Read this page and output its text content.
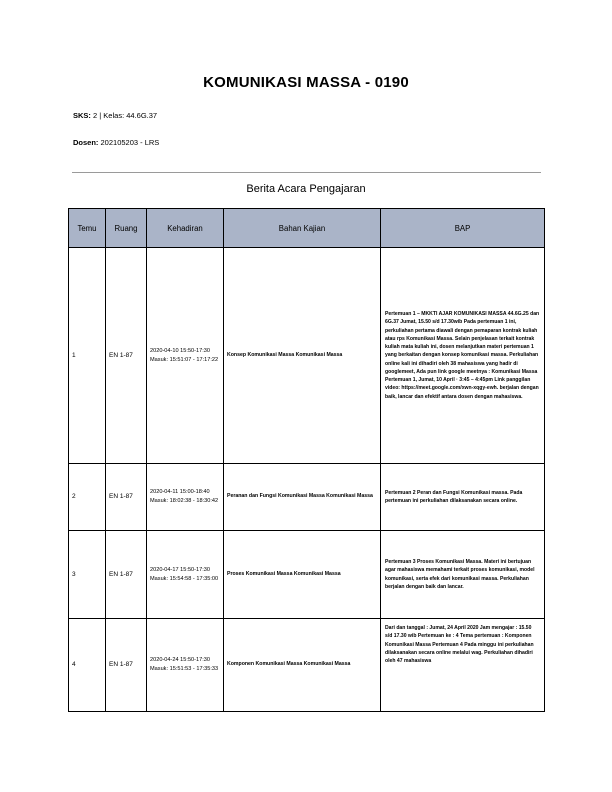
KOMUNIKASI MASSA - 0190
SKS: 2 | Kelas: 44.6G.37
Dosen: 202105203 - LRS
Berita Acara Pengajaran
Temu	Ruang	Kehadiran	Bahan Kajian	BAP
1	EN 1-87	2020-04-10 15:50-17:30 Masuk: 15:51:07 - 17:17:22	Konsep Komunikasi Massa Komunikasi Massa	Pertemuan 1 – MKKTI AJAR KOMUNIKASI MASSA 44.6G.25 dan 6G.37 Jumat, 15.50 s/d 17.30wib Pada pertemuan 1 ini, perkuliahan pertama diawali dengan pemaparan kontrak kuliah atau rps Komunikasi Massa. Selain penjelasan terkait kontrak kuliah mata kuliah ini, dosen melanjutkan materi pertemuan 1 yang berkaitan dengan konsep komunikasi massa. Perkuliahan online kali ini dihadiri oleh 38 mahasiswa yang hadir di googlemeet, Ada pun link google meetnya : Komunikasi Massa Pertemuan 1, Jumat, 10 April · 3:45 – 4:45pm Link panggilan video: https://meet.google.com/xwn-xqgy-ewh. berjalan dengan baik, lancar dan efektif antara dosen dengan mahasiswa.
2	EN 1-87	2020-04-11 15:00-18:40 Masuk: 18:02:38 - 18:30:42	Peranan dan Fungsi Komunikasi Massa Komunikasi Massa	Pertemuan 2 Peran dan Fungsi Komunikasi massa. Pada pertemuan ini perkuliahan dilaksanakan secara online.
3	EN 1-87	2020-04-17 15:50-17:30 Masuk: 15:54:58 - 17:35:00	Proses Komunikasi Massa Komunikasi Massa	Pertemuan 3 Proses Komunikasi Massa. Materi ini bertujuan agar mahasiswa memahami terkait proses komunikasi, model komunikasi, serta efek dari komunikasi massa. Perkuliahan berjalan dengan baik dan lancar.
4	EN 1-87	2020-04-24 15:50-17:30 Masuk: 15:51:53 - 17:35:33	Komponen Komunikasi Massa Komunikasi Massa	Dari dan tanggal : Jumat, 24 April 2020 Jam mengajar : 15.50 s/d 17.30 wib Pertemuan ke : 4 Tema pertemuan : Komponen Komunikasi Massa Pertemuan 4 Pada minggu ini perkuliahan dilaksanakan secara online melalui wag. Perkuliahan dihadiri oleh 47 mahasiswa
